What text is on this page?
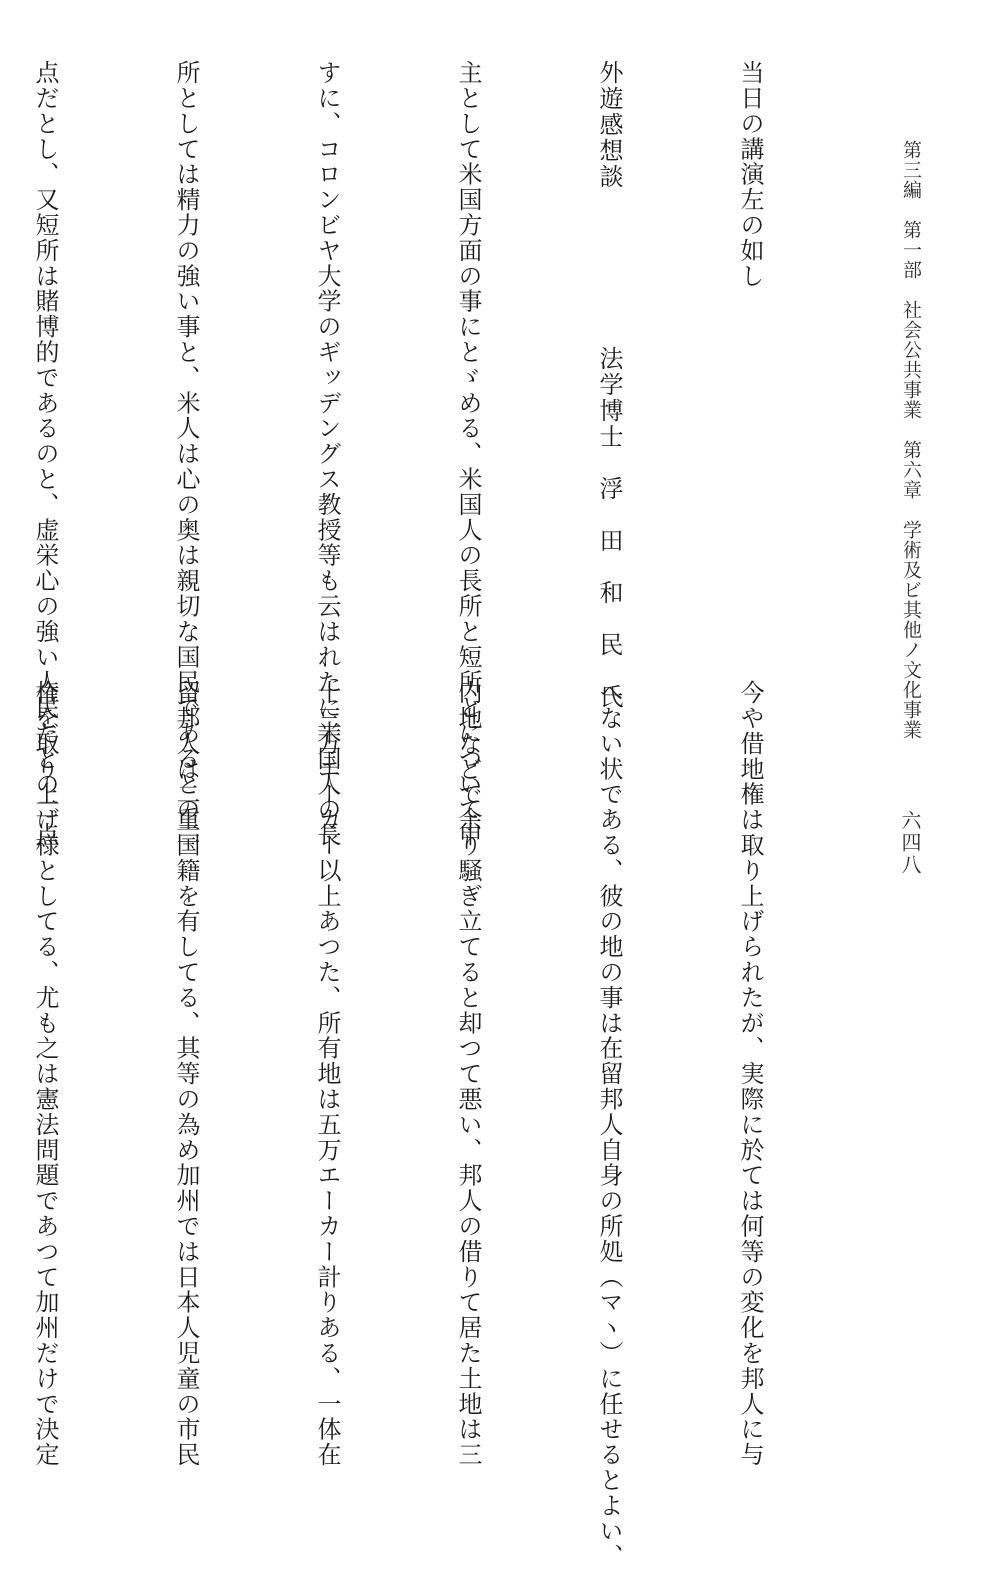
第三編　第一部　社会公共事業　第六章　学術及ビ其他ノ文化事業
六四八

当日の講演左の如し

外遊感想談　　　　　　法学博士　浮　田　和　民　氏

主として米国方面の事にとゞめる、米国人の長所と短所とについて申

すに、コロンビヤ大学のギッデングス教授等も云はれたに米国人の長

所としては精力の強い事と、米人は心の奥は親切な国民であるとの二

点だとし、又短所は賭博的であるのと、虚栄心の強い人民だとの二点

今や借地権は取り上げられたが、実際に於ては何等の変化を邦人に与

へない状である、彼の地の事は在留邦人自身の所処（マヽ）に任せるとよい、

内地などで余り騒ぎ立てると却つて悪い、邦人の借りて居た土地は三

十三万エーカー以上あつた、所有地は五万エーカー計りある、一体在

留邦人は二重国籍を有してる、其等の為め加州では日本人児童の市民

権を取り上げ様としてる、尤も之は憲法問題であつて加州だけで決定
